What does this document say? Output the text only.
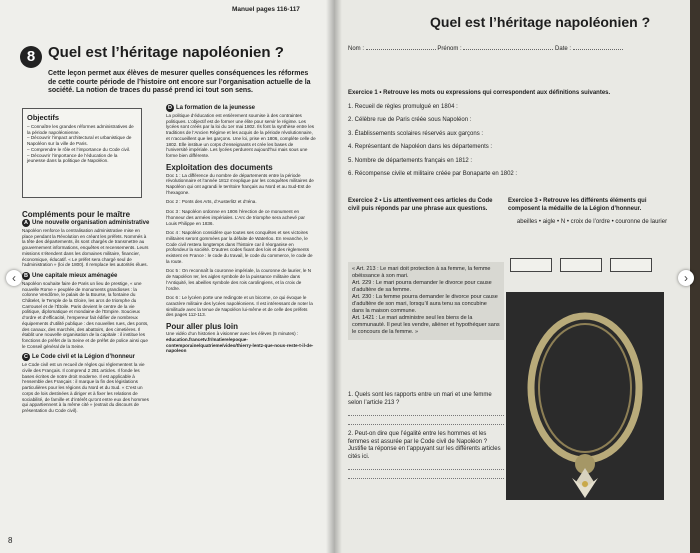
Manuel pages 116-117
8 Quel est l’héritage napoléonien ?
Cette leçon permet aux élèves de mesurer quelles conséquences les réformes de cette courte période de l’histoire ont encore sur l’organisation actuelle de la société. La notion de traces du passé prend ici tout son sens.
Objectifs
– Connaître les grandes réformes administratives de la période napoléonienne.
– Découvrir l’impact architectural et urbanistique de Napoléon sur la ville de Paris.
– Comprendre le rôle et l’importance du Code civil.
– Découvrir l’importance de l’éducation de la jeunesse dans la politique de Napoléon.
Compléments pour le maître
A Une nouvelle organisation administrative
Napoléon renforce la centralisation administrative mise en place pendant la Révolution en créant les préfets. Nommés à la tête des départements, ils sont chargés de transmettre au gouvernement informations, enquêtes et recensements. Leurs missions s’étendent dans les domaines militaire, financier, économique, éducatif. « Le préfet sera chargé seul de l’administration » (loi de 1800). Il remplace les autorités élues.
B Une capitale mieux aménagée
Napoléon souhaite faire de Paris un lieu de prestige, « une nouvelle Rome » peuplée de monuments grandioses : la colonne Vendôme, le palais de la Bourse, la fontaine du Châtelet, le Temple de la Gloire, les arcs de triomphe du Carrousel et de l’Étoile. Paris devient le centre de la vie politique, diplomatique et mondaine de l’Empire. Soucieux d’ordre et d’efficacité, l’empereur fait édifier de nombreux équipements d’utilité publique : des nouvelles rues, des ponts, des canaux, des marchés, des abattoirs, des cimetières. Il établit une nouvelle organisation de la capitale : il institue les fonctions de préfet de la Seine et de préfet de police ainsi que le Conseil général de la Seine.
C Le Code civil et la Légion d’honneur
Le Code civil est un recueil de règles qui réglementent la vie civile des Français. Il comprend 2 281 articles. Il fonde les bases écrites de notre droit moderne. Il est applicable à l’ensemble des Français : il marque la fin des législations particulières pour les régions du Nord et du Sud. « C’est un corps de lois destinées à diriger et à fixer les relations de sociabilité, de famille et d’intérêt qu’ont entre eux des hommes qui appartiennent à la même cité » (extrait du discours de présentation du Code civil).
D La formation de la jeunesse
La politique d’éducation est entièrement soumise à des contraintes politiques. L’objectif est de former une élite pour servir le régime. Les lycées sont créés par la loi du 1er mai 1802. Ils font la synthèse entre les traditions de l’Ancien Régime et les acquis de la période révolutionnaire, et n’accueillent que les garçons. Une loi, prise en 1806, complète celle de 1802. Elle institue un corps d’enseignants et crée les bases de l’université impériale. Les lycées perdurent aujourd’hui mais sous une forme bien différente.
Exploitation des documents
Doc 1 : La différence du nombre de départements entre la période révolutionnaire et l’année 1812 s’explique par les conquêtes militaires de Napoléon qui ont agrandi le territoire français au Nord et au Sud-Est de l’hexagone.
Doc 2 : Ponts des Arts, d’Austerlitz et d’Iéna.
Doc 3 : Napoléon ordonne en 1806 l’érection de ce monument en l’honneur des armées impériales. L’Arc de triomphe sera achevé par Louis Philippe en 1836.
Doc 4 : Napoléon considère que toutes ses conquêtes et ses victoires militaires seront gommées par la défaite de Waterloo. En revanche, le Code civil restera longtemps dans l’histoire car il réorganise en profondeur la société. D’autres codes fixant des lois et des règlements existent en France : le code du travail, le code du commerce, le code de la route.
Doc 5 : On reconnaît la couronne impériale, la couronne de laurier, le N de Napoléon Ier, les aigles symbole de la puissance militaire dans l’Antiquité, les abeilles symbole des rois carolingiens, et la croix de l’ordre.
Doc 6 : Le lycéen porte une redingote et un bicorne, ce qui évoque le caractère militaire des lycées napoléoniens. Il est intéressant de noter la similitude avec la tenue de Napoléon lui-même et de celle des préfets des pages 112-113.
Pour aller plus loin
Une vidéo d’un historien à visionner avec les élèves (5 minutes) :
education.francetv.fr/matiere/epoque-contemporaine/quatrieme/video/thierry-lentz-que-nous-reste-t-il-de-napoleon
8
Quel est l’héritage napoléonien ?
Nom :	Prénom :	Date :
Exercice 1 • Retrouve les mots ou expressions qui correspondent aux définitions suivantes.
1. Recueil de règles promulgué en 1804 :
2. Célèbre rue de Paris créée sous Napoléon :
3. Établissements scolaires réservés aux garçons :
4. Représentant de Napoléon dans les départements :
5. Nombre de départements français en 1812 :
6. Récompense civile et militaire créée par Bonaparte en 1802 :
Exercice 2 • Lis attentivement ces articles du Code civil puis réponds par une phrase aux questions.
« Art. 213 : Le mari doit protection à sa femme, la femme obéissance à son mari.
Art. 229 : Le mari pourra demander le divorce pour cause d’adultère de sa femme.
Art. 230 : La femme pourra demander le divorce pour cause d’adultère de son mari, lorsqu’il aura tenu sa concubine dans la maison commune.
Art. 1421 : Le mari administre seul les biens de la communauté. Il peut les vendre, aliéner et hypothéquer sans le concours de la femme. »
1. Quels sont les rapports entre un mari et une femme selon l’article 213 ?
2. Peut-on dire que l’égalité entre les hommes et les femmes est assurée par le Code civil de Napoléon ? Justifie ta réponse en t’appuyant sur les différents articles cités ici.
Exercice 3 • Retrouve les différents éléments qui composent la médaille de la Légion d’honneur.
abeilles • aigle • N • croix de l’ordre • couronne de laurier
‹	›
